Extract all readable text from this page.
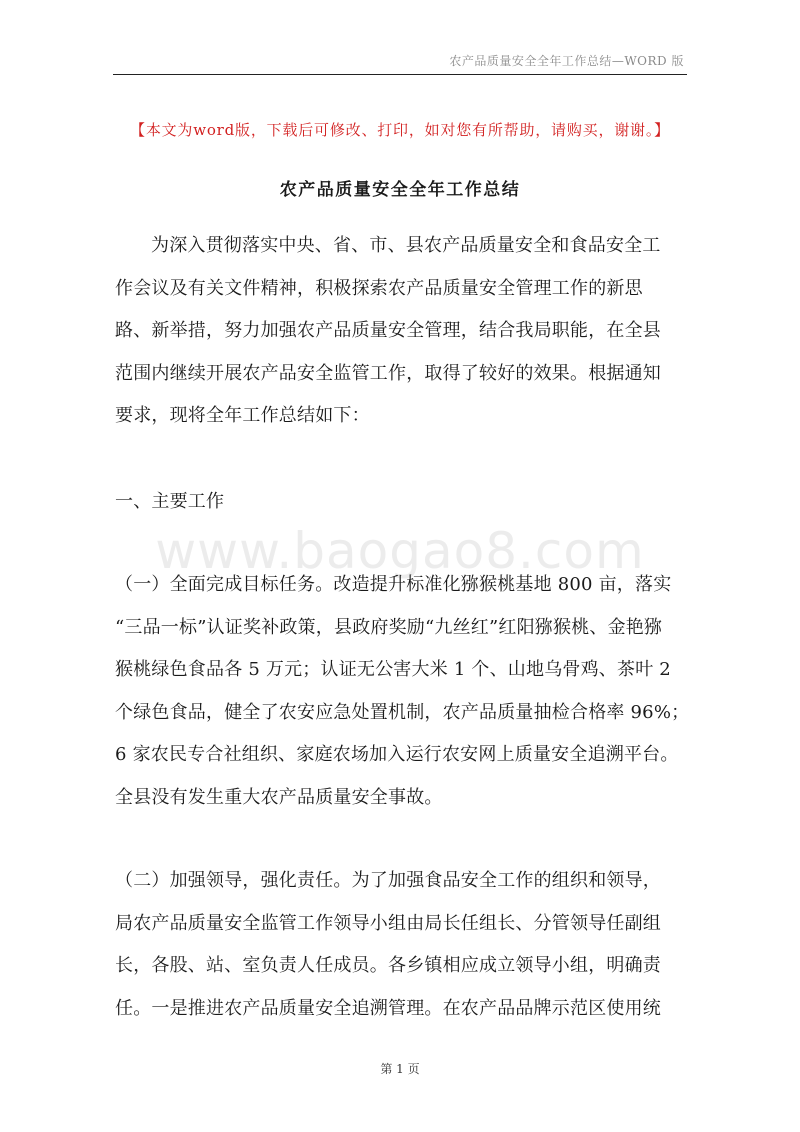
农产品质量安全全年工作总结—WORD 版
【本文为word版，下载后可修改、打印，如对您有所帮助，请购买，谢谢。】
农产品质量安全全年工作总结
为深入贯彻落实中央、省、市、县农产品质量安全和食品安全工
作会议及有关文件精神，积极探索农产品质量安全管理工作的新思
路、新举措，努力加强农产品质量安全管理，结合我局职能，在全县
范围内继续开展农产品安全监管工作，取得了较好的效果。根据通知
要求，现将全年工作总结如下：
一、主要工作
www.baogao8.com
（一）全面完成目标任务。改造提升标准化猕猴桃基地 800 亩，落实
“三品一标”认证奖补政策，县政府奖励“九丝红”红阳猕猴桃、金艳猕
猴桃绿色食品各 5 万元；认证无公害大米 1 个、山地乌骨鸡、茶叶 2
个绿色食品，健全了农安应急处置机制，农产品质量抽检合格率 96%；
6 家农民专合社组织、家庭农场加入运行农安网上质量安全追溯平台。
全县没有发生重大农产品质量安全事故。
（二）加强领导，强化责任。为了加强食品安全工作的组织和领导，
局农产品质量安全监管工作领导小组由局长任组长、分管领导任副组
长，各股、站、室负责人任成员。各乡镇相应成立领导小组，明确责
任。一是推进农产品质量安全追溯管理。在农产品品牌示范区使用统
第 1 页
